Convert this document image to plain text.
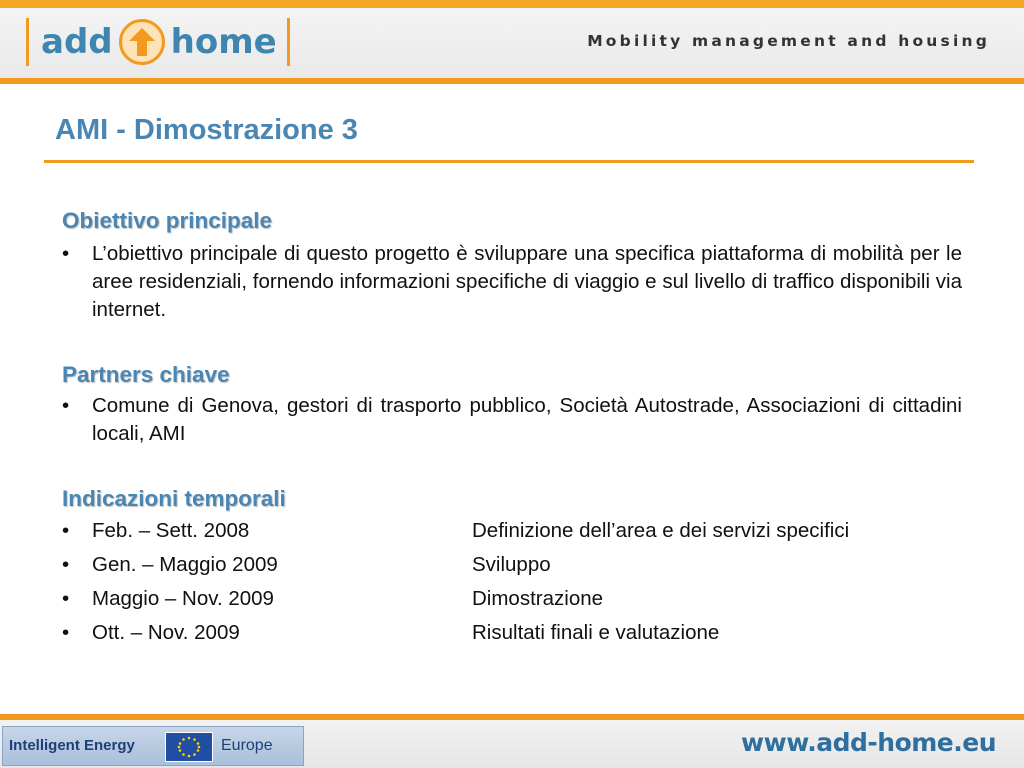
add home	Mobility management and housing
AMI - Dimostrazione 3
Obiettivo principale
• L’obiettivo principale di questo progetto è sviluppare una specifica piattaforma di mobilità per le aree residenziali, fornendo informazioni specifiche di viaggio e sul livello di traffico disponibili via internet.
Partners chiave
• Comune di Genova, gestori di trasporto pubblico, Società Autostrade, Associazioni di cittadini locali, AMI
Indicazioni temporali
• Feb. – Sett. 2008	Definizione dell’area e dei servizi specifici
• Gen. – Maggio 2009	Sviluppo
• Maggio – Nov. 2009	Dimostrazione
• Ott. – Nov. 2009	Risultati finali e valutazione
Intelligent Energy	Europe	www.add-home.eu
